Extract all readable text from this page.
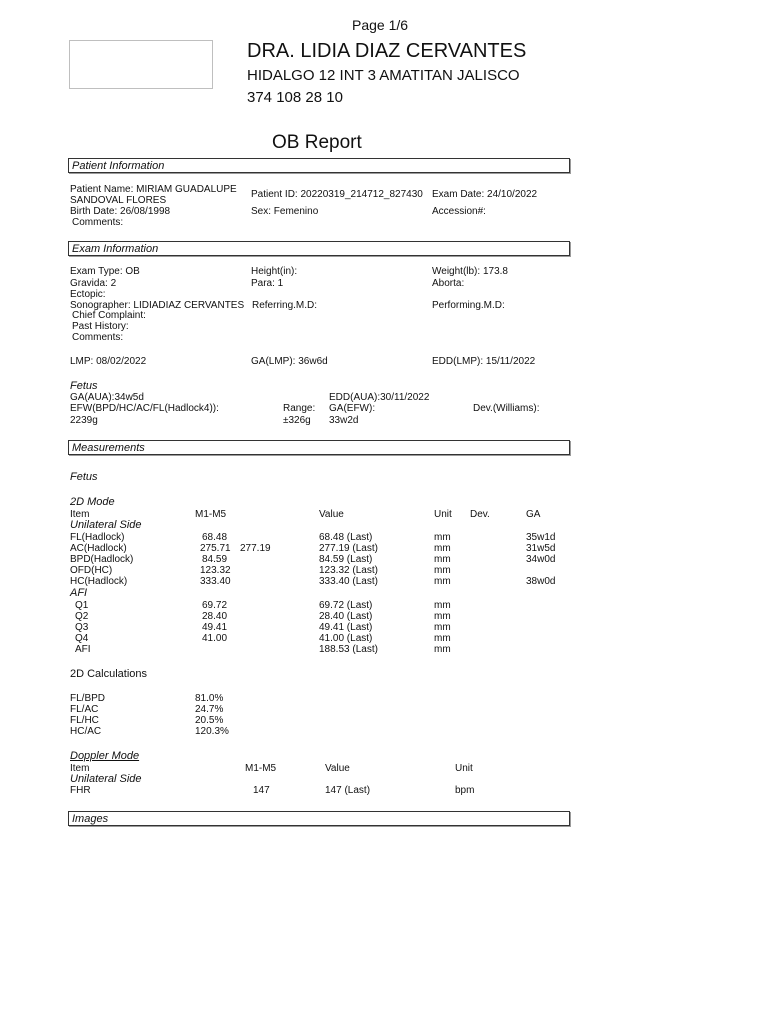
Page 1/6
DRA. LIDIA DIAZ CERVANTES
HIDALGO 12 INT 3 AMATITAN JALISCO
374 108 28 10
OB Report
Patient Information
Patient Name: MIRIAM GUADALUPE
SANDOVAL FLORES
Patient ID: 20220319_214712_827430 Exam Date: 24/10/2022
Birth Date: 26/08/1998	Sex: Femenino	Accession#:
Comments:
Exam Information
Exam Type: OB	Height(in):	Weight(lb): 173.8
Gravida: 2	Para: 1	Aborta:
Ectopic:
Sonographer: LIDIADIAZ CERVANTES Referring.M.D:	Performing.M.D:
Chief Complaint:
Past History:
Comments:
LMP: 08/02/2022	GA(LMP): 36w6d	EDD(LMP): 15/11/2022
Fetus
GA(AUA):34w5d	EDD(AUA):30/11/2022
EFW(BPD/HC/AC/FL(Hadlock4)):	Range: GA(EFW):	Dev.(Williams):
2239g	±326g 33w2d
Measurements
Fetus
2D Mode
Item	M1-M5	Value	Unit Dev.	GA
Unilateral Side
FL(Hadlock)	68.48	68.48 (Last)	mm	35w1d
AC(Hadlock)	275.71 277.19	277.19 (Last)	mm	31w5d
BPD(Hadlock)	84.59	84.59 (Last)	mm	34w0d
OFD(HC)	123.32	123.32 (Last)	mm
HC(Hadlock)	333.40	333.40 (Last)	mm	38w0d
AFI
Q1	69.72	69.72 (Last)	mm
Q2	28.40	28.40 (Last)	mm
Q3	49.41	49.41 (Last)	mm
Q4	41.00	41.00 (Last)	mm
AFI	188.53 (Last)	mm
2D Calculations
FL/BPD	81.0%
FL/AC	24.7%
FL/HC	20.5%
HC/AC	120.3%
Doppler Mode
Item	M1-M5	Value	Unit
Unilateral Side
FHR	147	147 (Last)	bpm
Images
